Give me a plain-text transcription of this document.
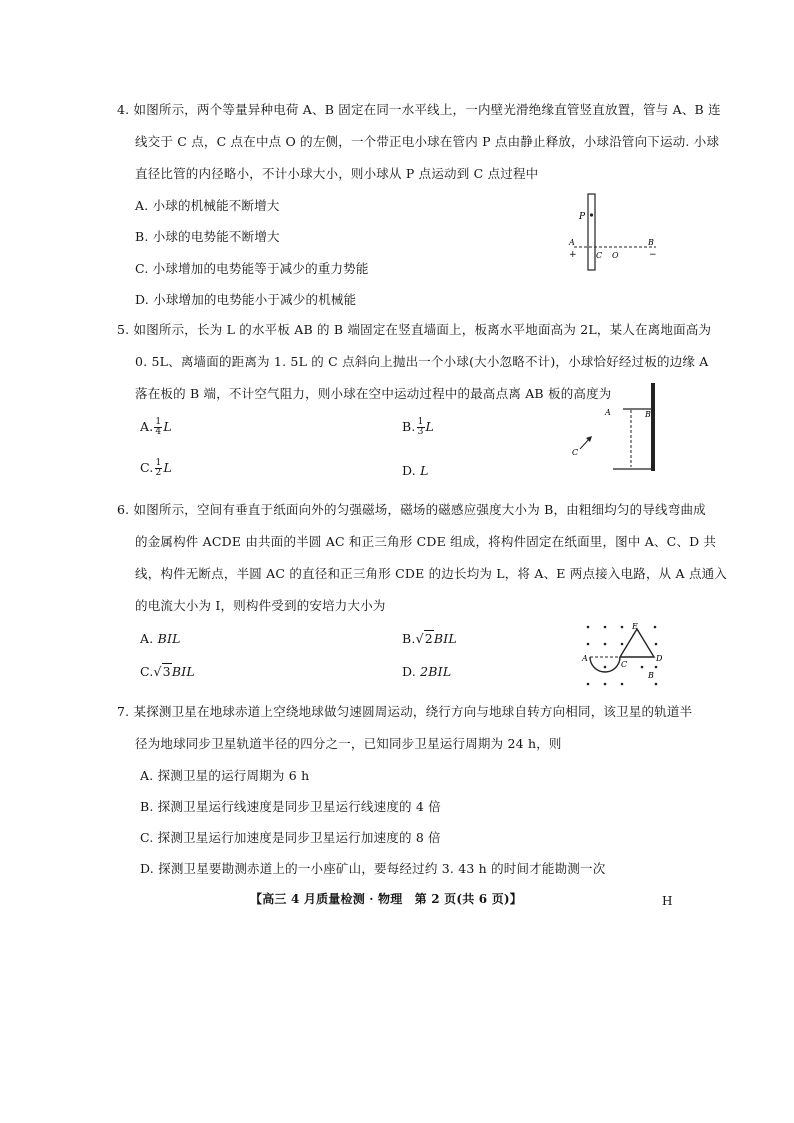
4. 如图所示，两个等量异种电荷 A、B 固定在同一水平线上，一内壁光滑绝缘直管竖直放置，管与 A、B 连
线交于 C 点，C 点在中点 O 的左侧，一个带正电小球在管内 P 点由静止释放，小球沿管向下运动. 小球
直径比管的内径略小，不计小球大小，则小球从 P 点运动到 C 点过程中
A. 小球的机械能不断增大
B. 小球的电势能不断增大
C. 小球增加的电势能等于减少的重力势能
D. 小球增加的电势能小于减少的机械能
P
A
+ C O
B
−
5. 如图所示，长为 L 的水平板 AB 的 B 端固定在竖直墙面上，板离水平地面高为 2L，某人在离地面高为
0. 5L、离墙面的距离为 1. 5L 的 C 点斜向上抛出一个小球(大小忽略不计)，小球恰好经过板的边缘 A
落在板的 B 端，不计空气阻力，则小球在空中运动过程中的最高点离 AB 板的高度为
A. $\frac{1}{4}$ L	B. $\frac{1}{3}$ L
C. $\frac{1}{2}$ L	D. L
A	B
C
6. 如图所示，空间有垂直于纸面向外的匀强磁场，磁场的磁感应强度大小为 B，由粗细均匀的导线弯曲成
的金属构件 ACDE 由共面的半圆 AC 和正三角形 CDE 组成，将构件固定在纸面里，图中 A、C、D 共
线，构件无断点，半圆 AC 的直径和正三角形 CDE 的边长均为 L，将 A、E 两点接入电路，从 A 点通入
的电流大小为 I，则构件受到的安培力大小为
A. BIL	B.√2BIL
C.√3BIL	D. 2BIL
A
C
D
E
B
7. 某探测卫星在地球赤道上空绕地球做匀速圆周运动，绕行方向与地球自转方向相同，该卫星的轨道半
径为地球同步卫星轨道半径的四分之一，已知同步卫星运行周期为 24 h，则
A. 探测卫星的运行周期为 6 h
B. 探测卫星运行线速度是同步卫星运行线速度的 4 倍
C. 探测卫星运行加速度是同步卫星运行加速度的 8 倍
D. 探测卫星要勘测赤道上的一小座矿山，要每经过约 3. 43 h 的时间才能勘测一次
【高三 4 月质量检测 · 物理　第 2 页(共 6 页)】	H
